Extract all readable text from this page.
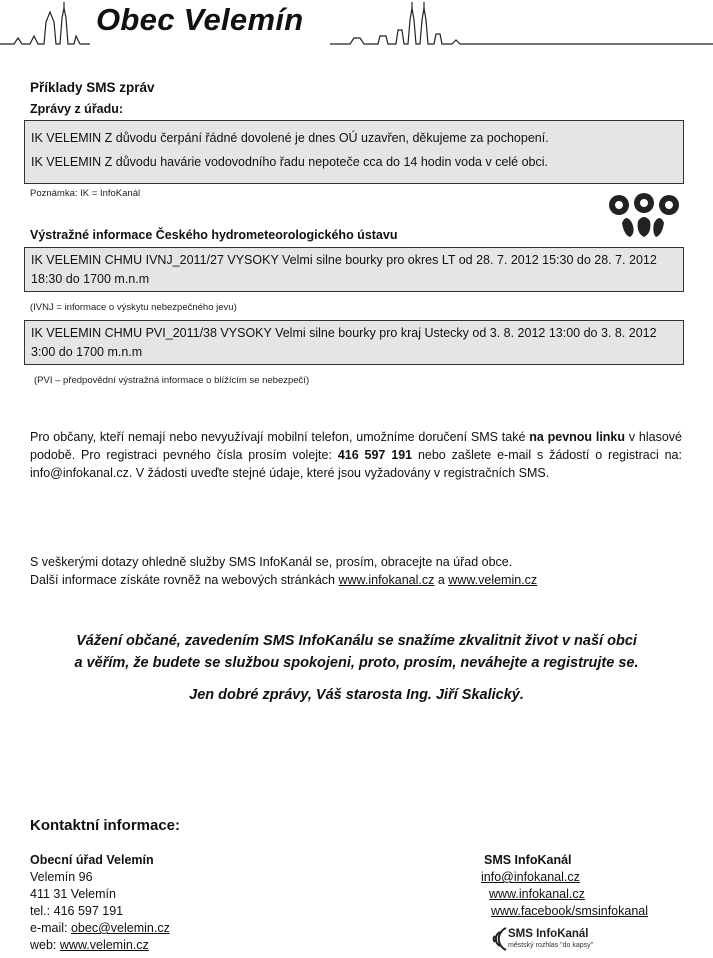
Obec Velemín
Příklady SMS zpráv
Zprávy z úřadu:
IK VELEMIN Z důvodu čerpání řádné dovolené je dnes OÚ uzavřen, děkujeme za pochopení.
IK VELEMIN Z důvodu havárie vodovodního řadu nepoteče cca do 14 hodin voda v celé obci.
Poznámka: IK = InfoKanál
Výstražné informace Českého hydrometeorologického ústavu
IK VELEMIN CHMU IVNJ_2011/27 VYSOKY Velmi silne bourky pro okres LT od 28. 7. 2012 15:30 do 28. 7. 2012 18:30 do 1700 m.n.m
(IVNJ = informace o výskytu nebezpečného jevu)
IK VELEMIN CHMU PVI_2011/38 VYSOKY Velmi silne bourky pro kraj Ustecky od 3. 8. 2012 13:00 do 3. 8. 2012 3:00 do 1700 m.n.m
(PVI – předpovědní výstražná informace o blížícím se nebezpečí)
Pro občany, kteří nemají nebo nevyužívají mobilní telefon, umožníme doručení SMS také na pevnou linku v hlasové podobě. Pro registraci pevného čísla prosím volejte: 416 597 191 nebo zašlete e-mail s žádostí o registraci na: info@infokanal.cz. V žádosti uveďte stejné údaje, které jsou vyžadovány v registračních SMS.
S veškerými dotazy ohledně služby SMS InfoKanál se, prosím, obracejte na úřad obce.
Další informace získáte rovněž na webových stránkách www.infokanal.cz a www.velemin.cz
Vážení občané, zavedením SMS InfoKanálu se snažíme zkvalitnit život v naší obci
a věřím, že budete se službou spokojeni, proto, prosím, neváhejte a registrujte se.
Jen dobré zprávy, Váš starosta Ing. Jiří Skalický.
Kontaktní informace:
Obecní úřad Velemín
Velemín 96
411 31 Velemín
tel.: 416 597 191
e-mail: obec@velemin.cz
web: www.velemin.cz
SMS InfoKanál
info@infokanal.cz
www.infokanal.cz
www.facebook/smsinfokanal
SMS InfoKanál
městský rozhlas "do kapsy"
